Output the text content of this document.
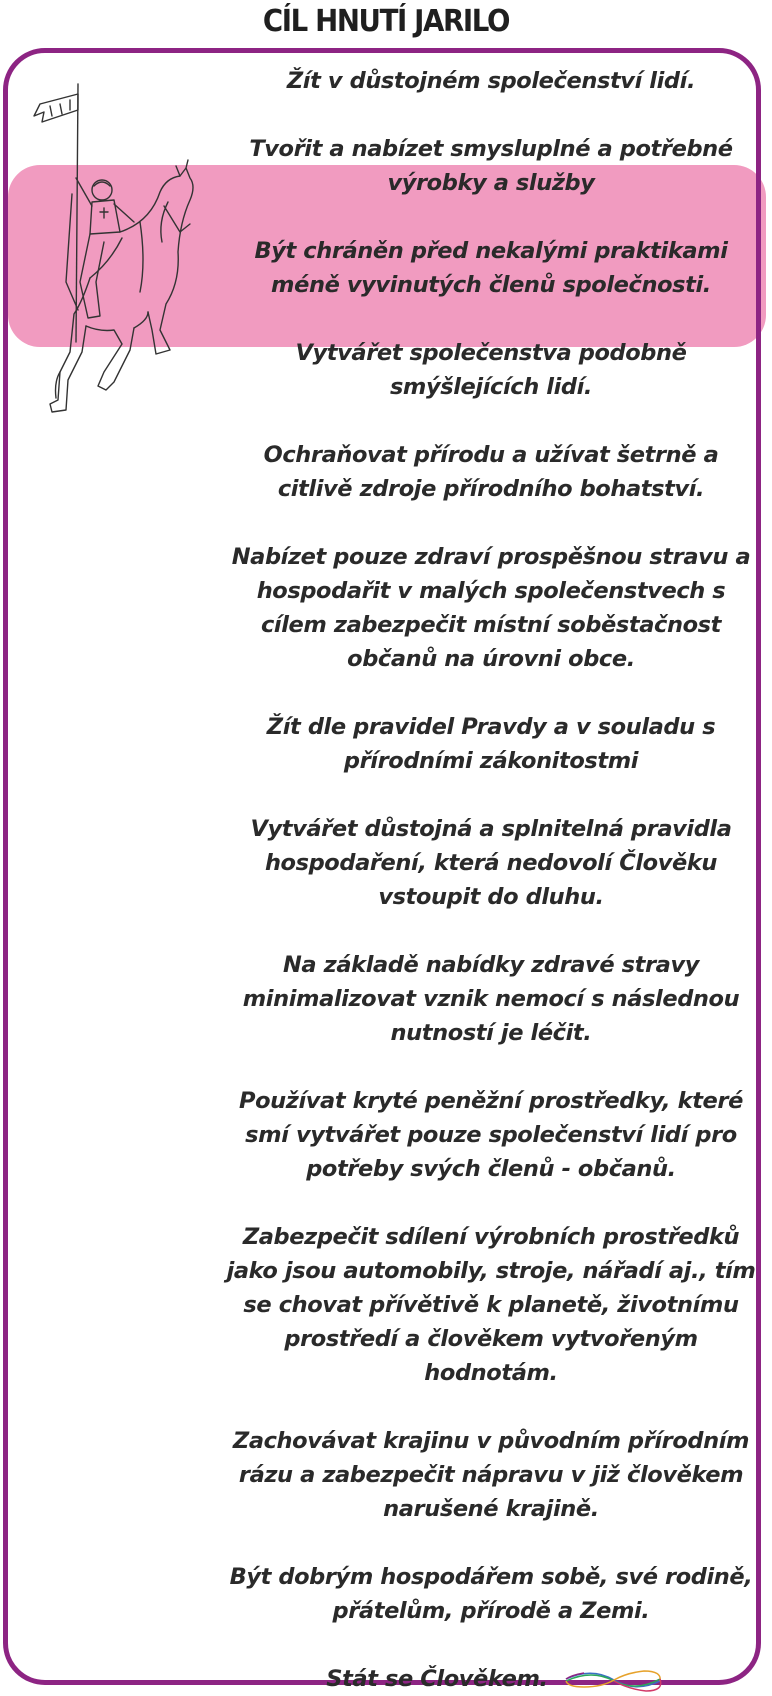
CÍL HNUTÍ JARILO

Žít v důstojném společenství lidí.

Tvořit a nabízet smysluplné a potřebné výrobky a služby

Být chráněn před nekalými praktikami méně vyvinutých členů společnosti.

Vytvářet společenstva podobně smýšlejících lidí.

Ochraňovat přírodu a užívat šetrně a citlivě zdroje přírodního bohatství.

Nabízet pouze zdraví prospěšnou stravu a hospodařit v malých společenstvech s cílem zabezpečit místní soběstačnost občanů na úrovni obce.

Žít dle pravidel Pravdy a v souladu s přírodními zákonitostmi

Vytvářet důstojná a splnitelná pravidla hospodaření, která nedovolí Člověku vstoupit do dluhu.

Na základě nabídky zdravé stravy minimalizovat vznik nemocí s následnou nutností je léčit.

Používat kryté peněžní prostředky, které smí vytvářet pouze společenství lidí pro potřeby svých členů - občanů.

Zabezpečit sdílení výrobních prostředků jako jsou automobily, stroje, nářadí aj., tím se chovat přívětivě k planetě, životnímu prostředí a člověkem vytvořeným hodnotám.

Zachovávat krajinu v původním přírodním rázu a zabezpečit nápravu v již člověkem narušené krajině.

Být dobrým hospodářem sobě, své rodině, přátelům, přírodě a Zemi.

Stát se Člověkem.
